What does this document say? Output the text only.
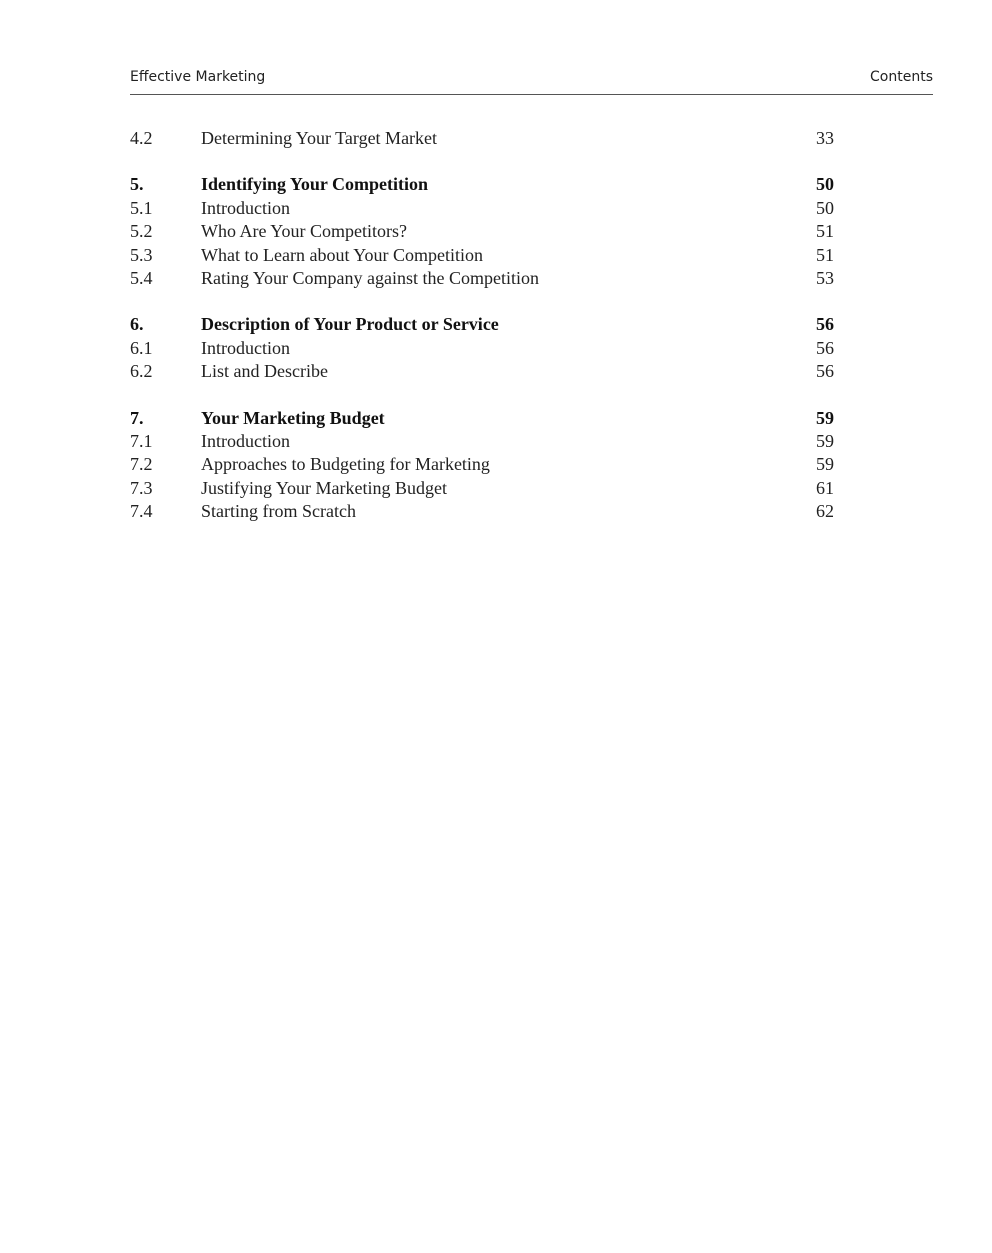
Effective Marketing	Contents
4.2	Determining Your Target Market	33
5.	Identifying Your Competition	50
5.1	Introduction	50
5.2	Who Are Your Competitors?	51
5.3	What to Learn about Your Competition	51
5.4	Rating Your Company against the Competition	53
6.	Description of Your Product or Service	56
6.1	Introduction	56
6.2	List and Describe	56
7.	Your Marketing Budget	59
7.1	Introduction	59
7.2	Approaches to Budgeting for Marketing	59
7.3	Justifying Your Marketing Budget	61
7.4	Starting from Scratch	62
